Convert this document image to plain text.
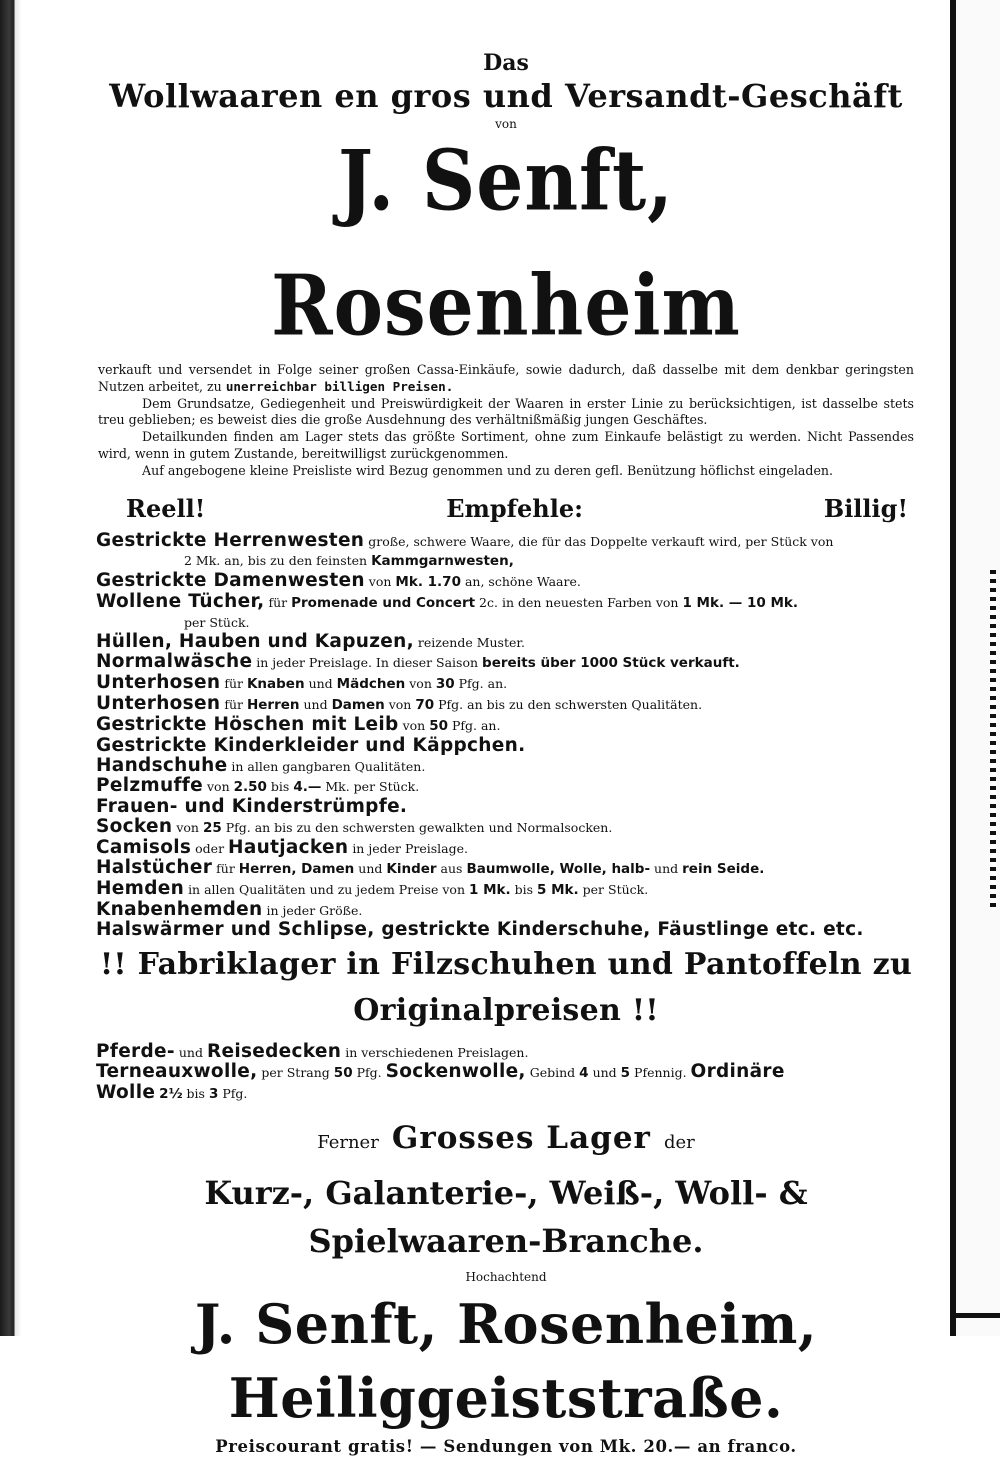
Das
Wollwaaren en gros und Versandt-Geschäft
von
J. Senft, Rosenheim

verkauft und versendet in Folge seiner großen Cassa-Einkäufe, sowie dadurch, daß dasselbe mit dem denkbar geringsten Nutzen arbeitet, zu unerreichbar billigen Preisen.

Dem Grundsatze, Gediegenheit und Preiswürdigkeit der Waaren in erster Linie zu berücksichtigen, ist dasselbe stets treu geblieben; es beweist dies die große Ausdehnung des verhältnißmäßig jungen Geschäftes.

Detailkunden finden am Lager stets das größte Sortiment, ohne zum Einkaufe belästigt zu werden. Nicht Passendes wird, wenn in gutem Zustande, bereitwilligst zurückgenommen.

Auf angebogene kleine Preisliste wird Bezug genommen und zu deren gefl. Benützung höflichst eingeladen.

Reell!	Empfehle:	Billig!

Gestrickte Herrenwesten große, schwere Waare, die für das Doppelte verkauft wird, per Stück von
2 Mk. an, bis zu den feinsten Kammgarnwesten,

Gestrickte Damenwesten von Mk. 1.70 an, schöne Waare.

Wollene Tücher, für Promenade und Concert 2c. in den neuesten Farben von 1 Mk. — 10 Mk.
per Stück.

Hüllen, Hauben und Kapuzen, reizende Muster.

Normalwäsche in jeder Preislage. In dieser Saison bereits über 1000 Stück verkauft.

Unterhosen für Knaben und Mädchen von 30 Pfg. an.

Unterhosen für Herren und Damen von 70 Pfg. an bis zu den schwersten Qualitäten.

Gestrickte Höschen mit Leib von 50 Pfg. an.

Gestrickte Kinderkleider und Käppchen.

Handschuhe in allen gangbaren Qualitäten.

Pelzmuffe von 2.50 bis 4.— Mk. per Stück.

Frauen- und Kinderstrümpfe.

Socken von 25 Pfg. an bis zu den schwersten gewalkten und Normalsocken.

Camisols oder Hautjacken in jeder Preislage.

Halstücher für Herren, Damen und Kinder aus Baumwolle, Wolle, halb- und rein Seide.

Hemden in allen Qualitäten und zu jedem Preise von 1 Mk. bis 5 Mk. per Stück.

Knabenhemden in jeder Größe.

Halswärmer und Schlipse, gestrickte Kinderschuhe, Fäustlinge etc. etc.

!! Fabriklager in Filzschuhen und Pantoffeln zu Originalpreisen !!

Pferde- und Reisedecken in verschiedenen Preislagen.

Terneauxwolle, per Strang 50 Pfg. Sockenwolle, Gebind 4 und 5 Pfennig. Ordinäre

Wolle 2½ bis 3 Pfg.

Ferner Grosses Lager der
Kurz-, Galanterie-, Weiß-, Woll- & Spielwaaren-Branche.
Hochachtend
J. Senft, Rosenheim, Heiliggeiststraße.
Preiscourant gratis! — Sendungen von Mk. 20.— an franco.
